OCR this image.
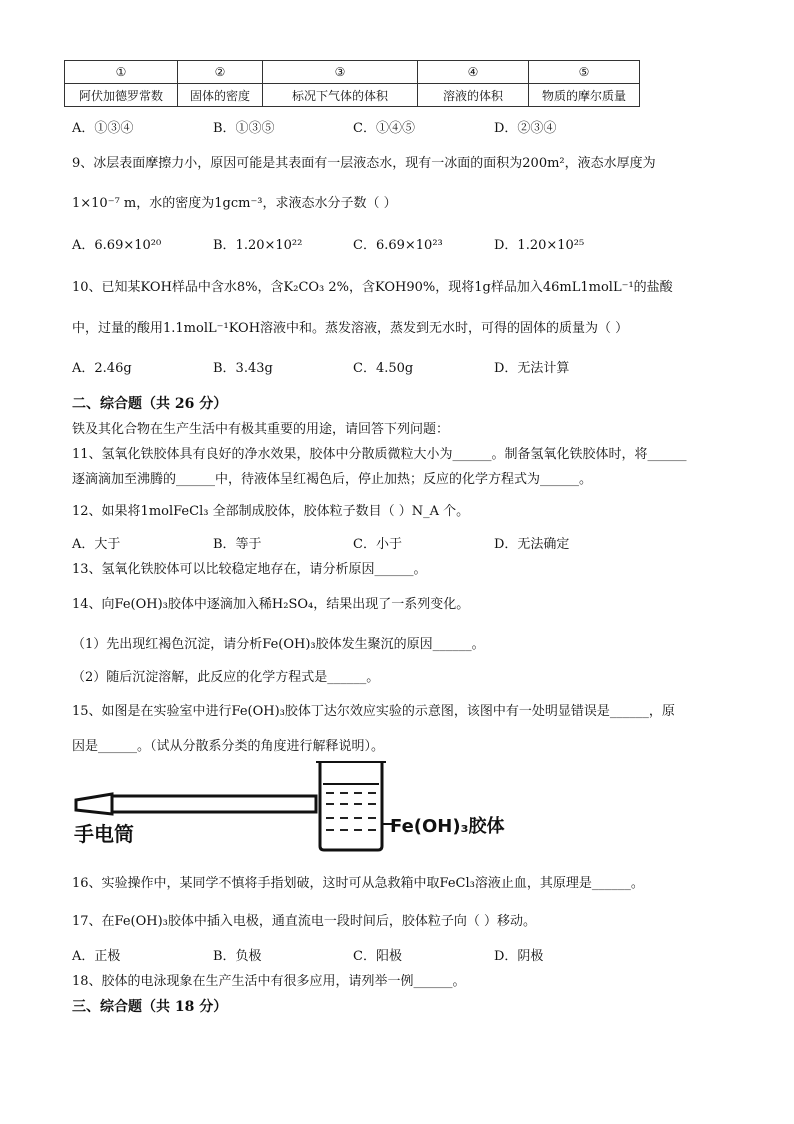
①	②	③	④	⑤
阿伏加德罗常数	固体的密度	标况下气体的体积	溶液的体积	物质的摩尔质量
A．①③④	B．①③⑤	C．①④⑤	D．②③④
9、冰层表面摩擦力小，原因可能是其表面有一层液态水，现有一冰面的面积为200m²，液态水厚度为
1×10⁻⁷ m，水的密度为1gcm⁻³，求液态水分子数（ ）
A．6.69×10²⁰	B．1.20×10²²	C．6.69×10²³	D．1.20×10²⁵
10、已知某KOH样品中含水8%，含K₂CO₃ 2%，含KOH90%，现将1g样品加入46mL1molL⁻¹的盐酸
中，过量的酸用1.1molL⁻¹KOH溶液中和。蒸发溶液，蒸发到无水时，可得的固体的质量为（ ）
A．2.46g	B．3.43g	C．4.50g	D．无法计算
二、综合题（共 26 分）
铁及其化合物在生产生活中有极其重要的用途，请回答下列问题：
11、氢氧化铁胶体具有良好的净水效果，胶体中分散质微粒大小为______。制备氢氧化铁胶体时，将______
逐滴滴加至沸腾的______中，待液体呈红褐色后，停止加热；反应的化学方程式为______。
12、如果将1molFeCl₃ 全部制成胶体，胶体粒子数目（ ）N_A 个。
A．大于	B．等于	C．小于	D．无法确定
13、氢氧化铁胶体可以比较稳定地存在，请分析原因______。
14、向Fe(OH)₃胶体中逐滴加入稀H₂SO₄，结果出现了一系列变化。
（1）先出现红褐色沉淀，请分析Fe(OH)₃胶体发生聚沉的原因______。
（2）随后沉淀溶解，此反应的化学方程式是______。
15、如图是在实验室中进行Fe(OH)₃胶体丁达尔效应实验的示意图，该图中有一处明显错误是______，原
因是______。（试从分散系分类的角度进行解释说明）。
手电筒	Fe(OH)₃胶体
16、实验操作中，某同学不慎将手指划破，这时可从急救箱中取FeCl₃溶液止血，其原理是______。
17、在Fe(OH)₃胶体中插入电极，通直流电一段时间后，胶体粒子向（ ）移动。
A．正极	B．负极	C．阳极	D．阴极
18、胶体的电泳现象在生产生活中有很多应用，请列举一例______。
三、综合题（共 18 分）
